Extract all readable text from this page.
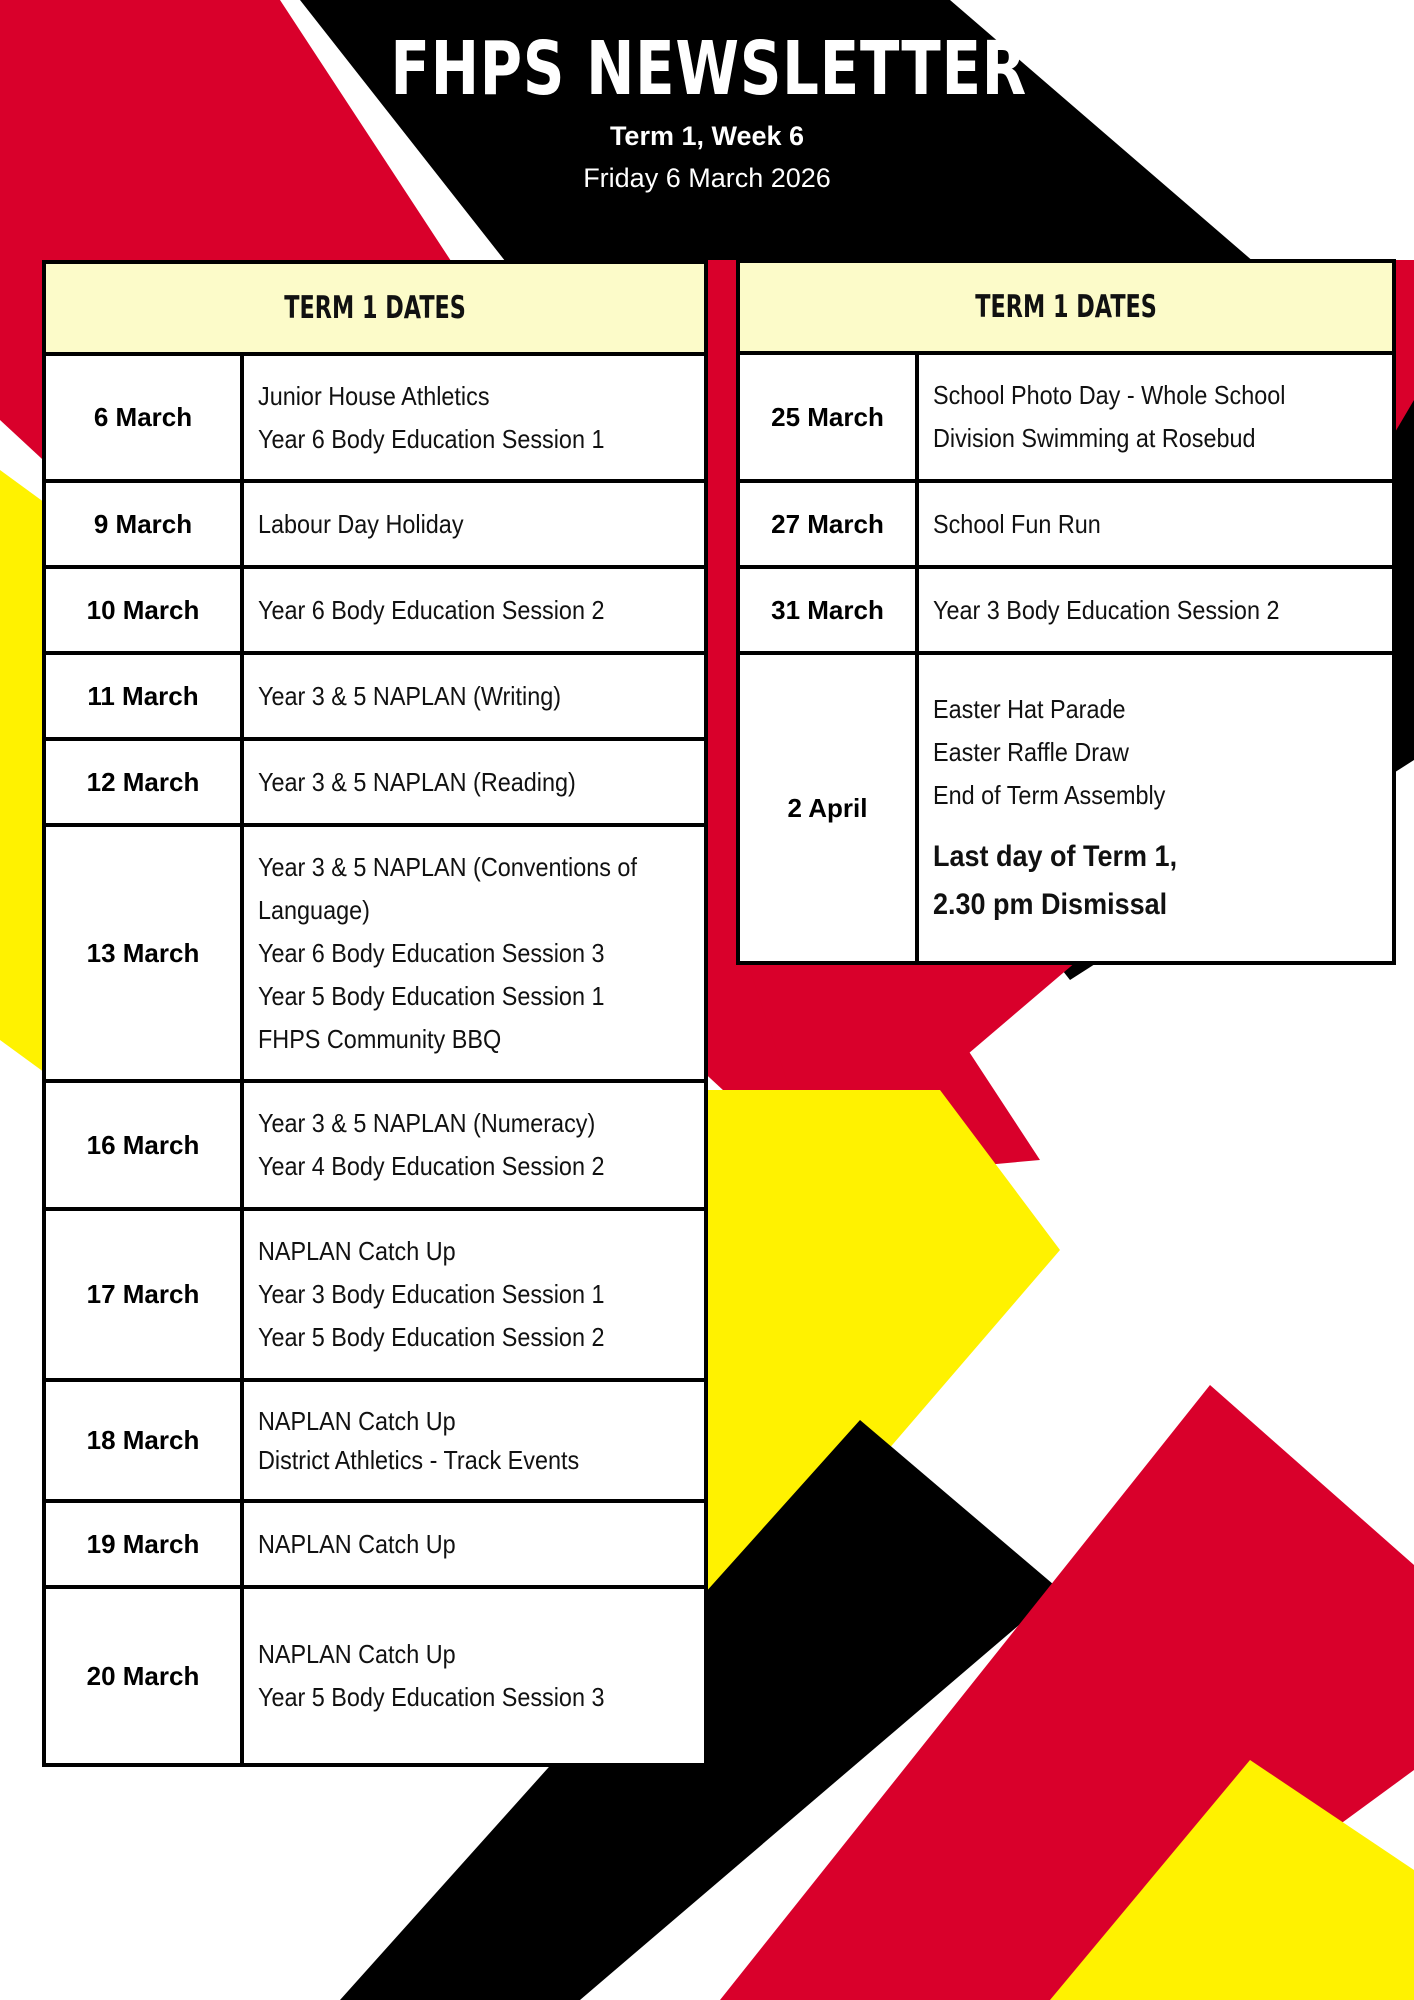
FHPS NEWSLETTER
Term 1, Week 6
Friday 6 March 2026
TERM 1 DATES	
6 March	Junior House Athletics
Year 6 Body Education Session 1

9 March	Labour Day Holiday

10 March	Year 6 Body Education Session 2

11 March	Year 3 & 5 NAPLAN (Writing)

12 March	Year 3 & 5 NAPLAN (Reading)

13 March	Year 3 & 5 NAPLAN (Conventions of Language)
Year 6 Body Education Session 3
Year 5 Body Education Session 1
FHPS Community BBQ

16 March	Year 3 & 5 NAPLAN (Numeracy)
Year 4 Body Education Session 2

17 March	NAPLAN Catch Up
Year 3 Body Education Session 1
Year 5 Body Education Session 2

18 March	NAPLAN Catch Up
District Athletics - Track Events

19 March	NAPLAN Catch Up

20 March	NAPLAN Catch Up
Year 5 Body Education Session 3
TERM 1 DATES	
25 March	School Photo Day - Whole School
Division Swimming at Rosebud

27 March	School Fun Run

31 March	Year 3 Body Education Session 2

2 April	Easter Hat Parade
Easter Raffle Draw
End of Term Assembly
Last day of Term 1,
2.30 pm Dismissal
